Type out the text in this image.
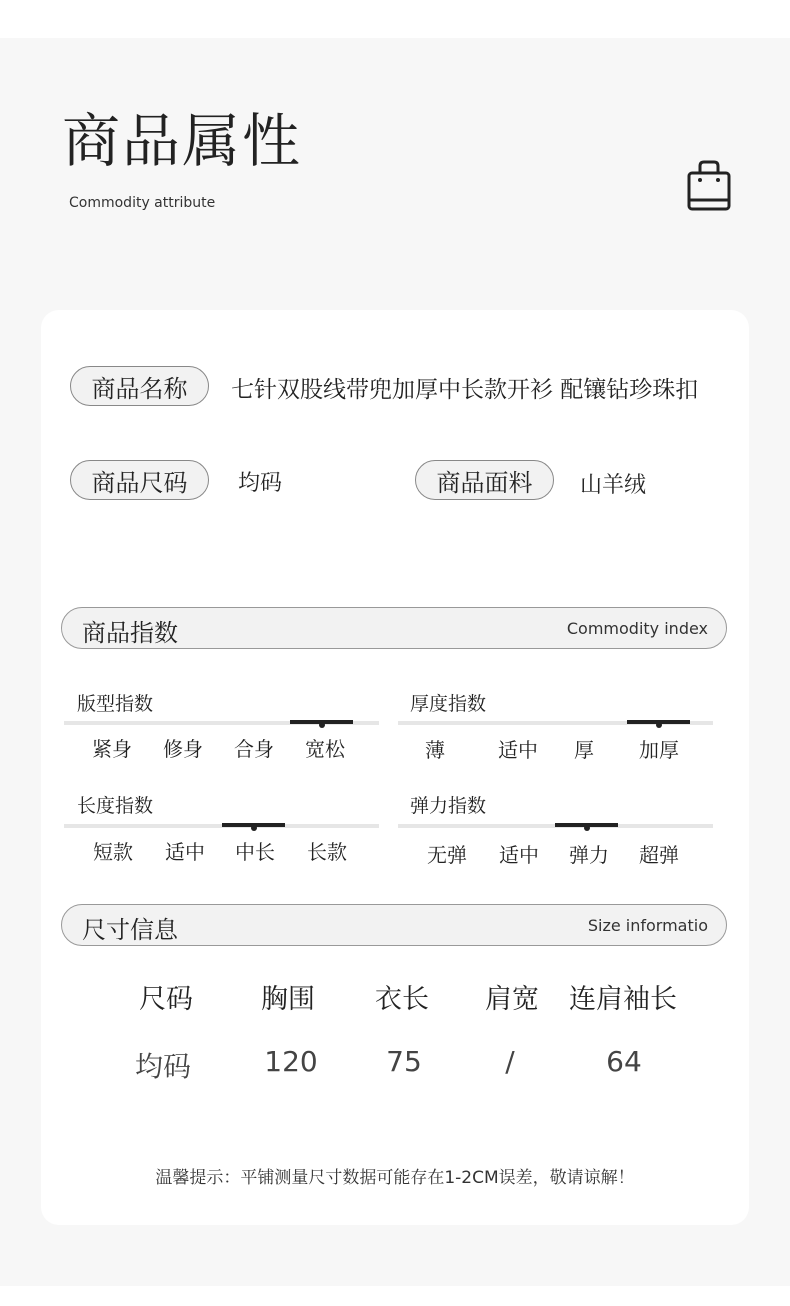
商品属性
Commodity attribute
商品名称	七针双股线带兜加厚中长款开衫 配镶钻珍珠扣
商品尺码	均码	商品面料	山羊绒
商品指数	Commodity index
版型指数
紧身	修身	合身	宽松
厚度指数
薄	适中	厚	加厚
长度指数
短款	适中	中长	长款
弹力指数
无弹	适中	弹力	超弹
尺寸信息	Size informatio
尺码	胸围	衣长	肩宽	连肩袖长
均码	120	75	/	64
温馨提示：平铺测量尺寸数据可能存在1-2CM误差，敬请谅解！
